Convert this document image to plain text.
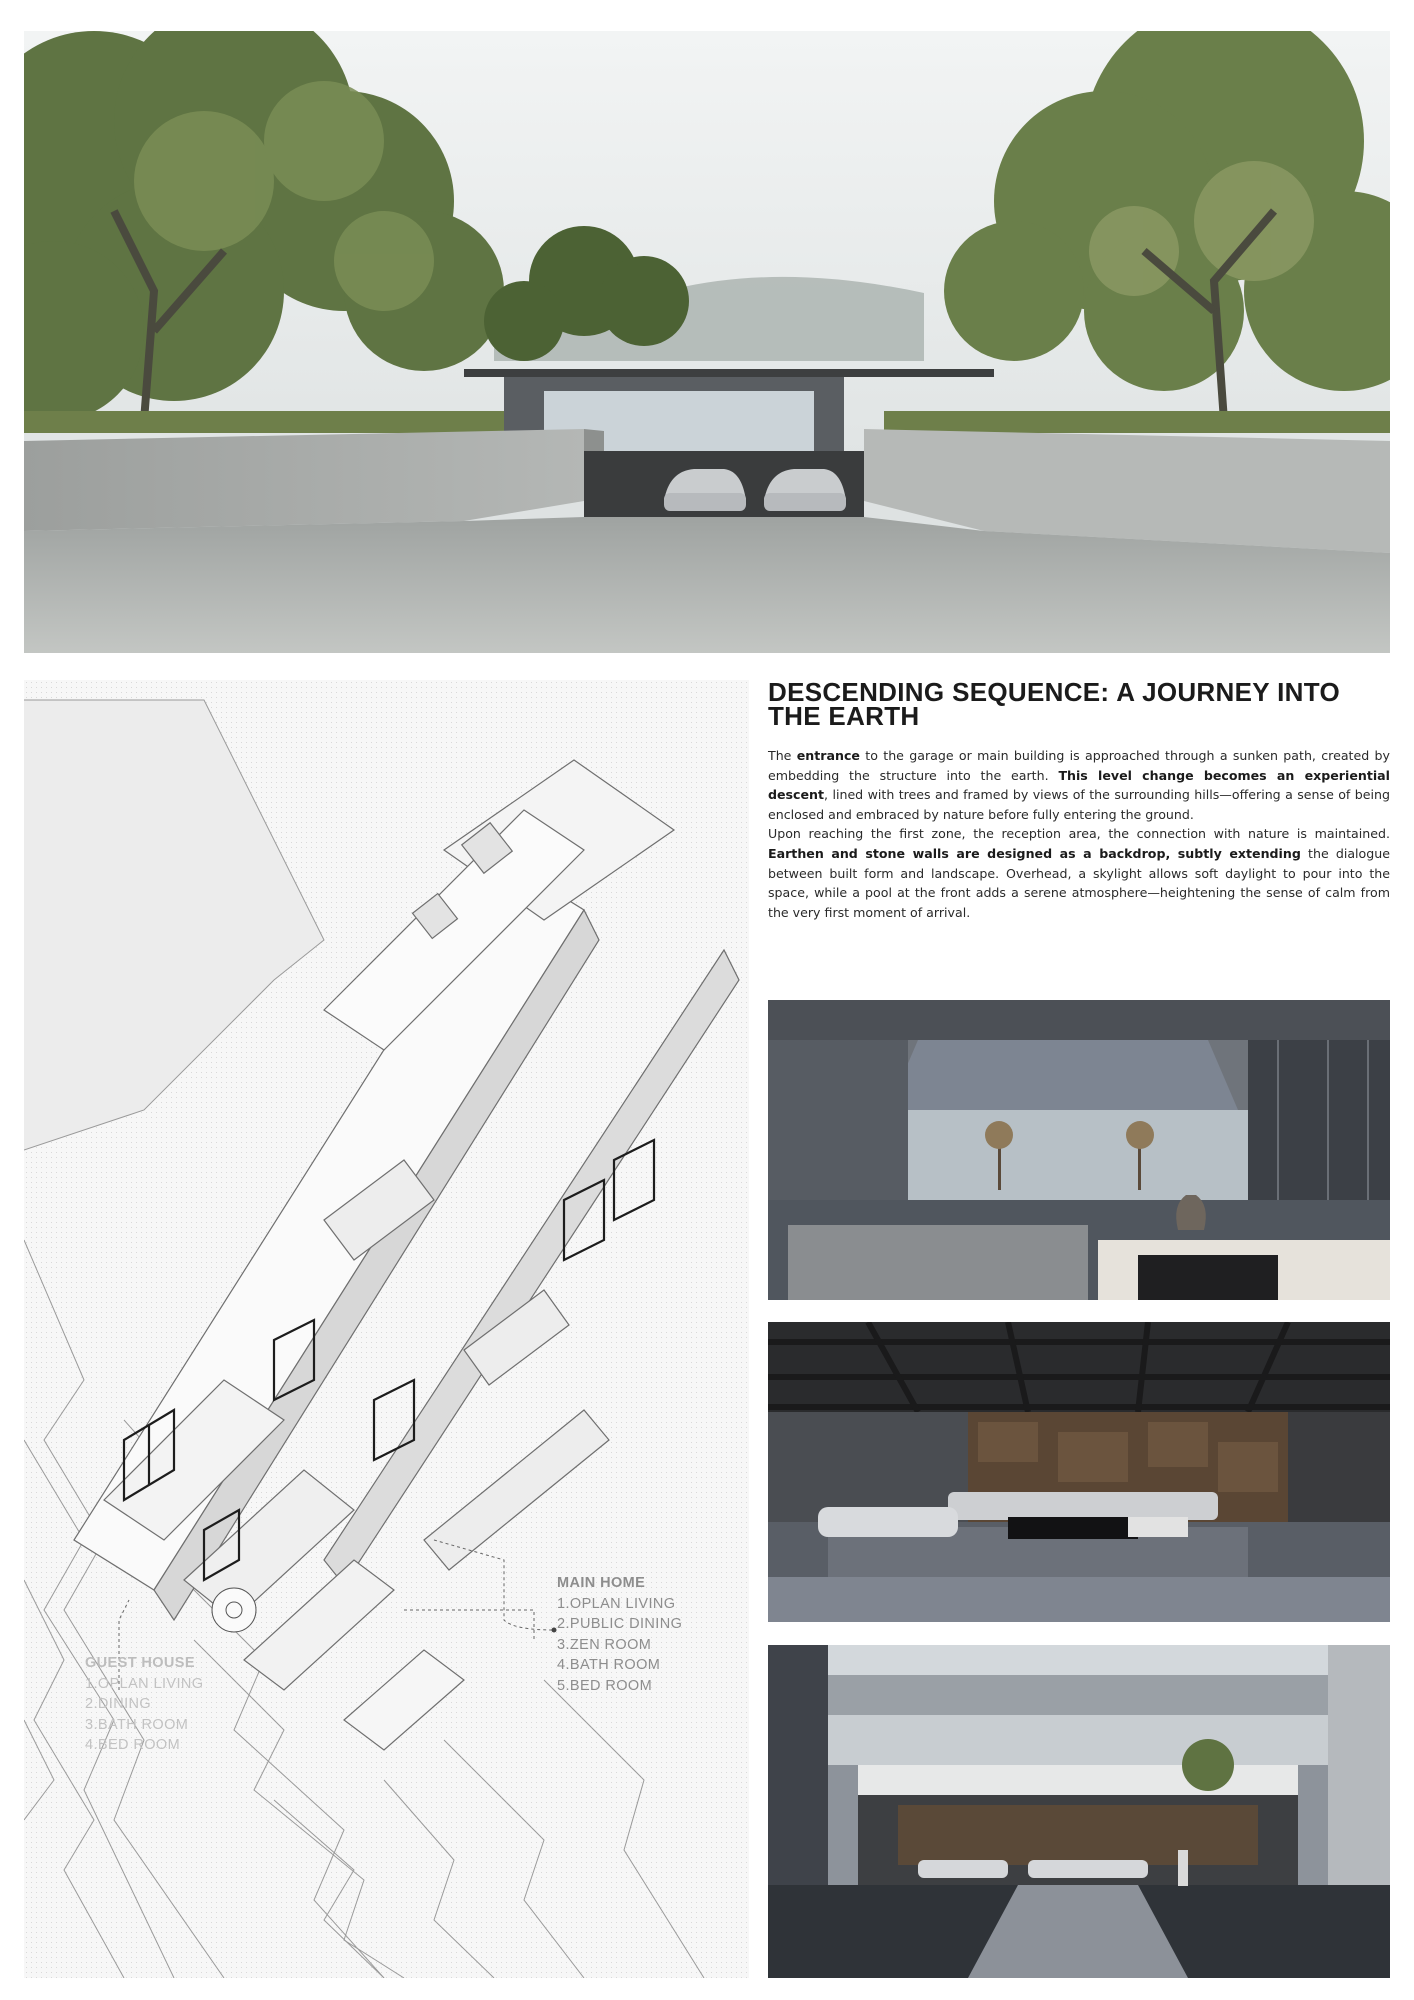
MAIN HOME
1.OPLAN LIVING
2.PUBLIC DINING
3.ZEN ROOM
4.BATH ROOM
5.BED ROOM
GUEST HOUSE
1.OPLAN LIVING
2.DINING
3.BATH ROOM
4.BED ROOM
DESCENDING SEQUENCE: A JOURNEY INTO THE EARTH

The entrance to the garage or main building is approached through a sunken path, created by embedding the structure into the earth. This level change becomes an experiential descent, lined with trees and framed by views of the surrounding hills—offering a sense of being enclosed and embraced by nature before fully entering the ground.

Upon reaching the first zone, the reception area, the connection with nature is maintained. Earthen and stone walls are designed as a backdrop, subtly extending the dialogue between built form and landscape. Overhead, a skylight allows soft daylight to pour into the space, while a pool at the front adds a serene atmosphere—heightening the sense of calm from the very first moment of arrival.
